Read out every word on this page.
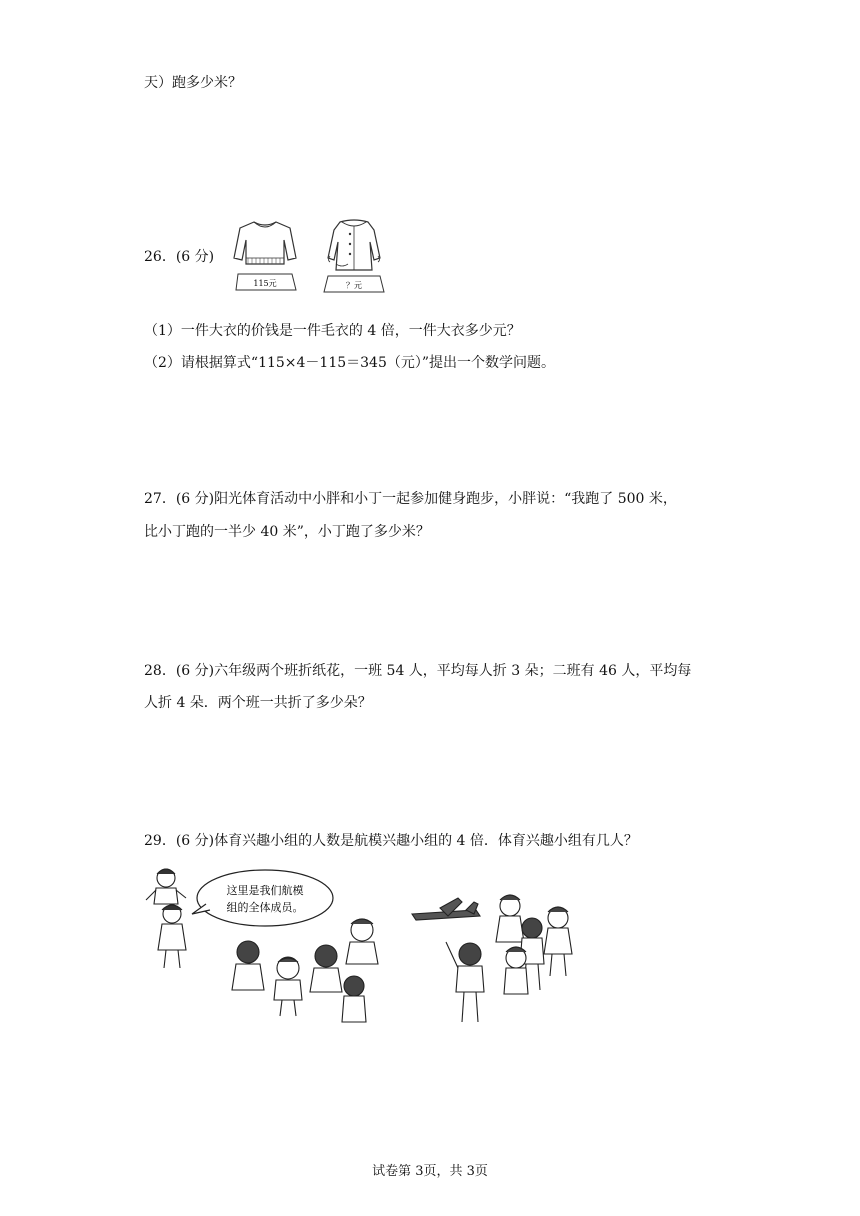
天）跑多少米？
26．(6 分)
115元	？元
（1）一件大衣的价钱是一件毛衣的 4 倍，一件大衣多少元？
（2）请根据算式“115×4－115＝345（元）”提出一个数学问题。
27．(6 分)阳光体育活动中小胖和小丁一起参加健身跑步，小胖说：“我跑了 500 米，
比小丁跑的一半少 40 米”，小丁跑了多少米？
28．(6 分)六年级两个班折纸花，一班 54 人，平均每人折 3 朵；二班有 46 人，平均每
人折 4 朵．两个班一共折了多少朵？
29．(6 分)体育兴趣小组的人数是航模兴趣小组的 4 倍．体育兴趣小组有几人？
这里是我们航模
组的全体成员。
试卷第 3页，共 3页
